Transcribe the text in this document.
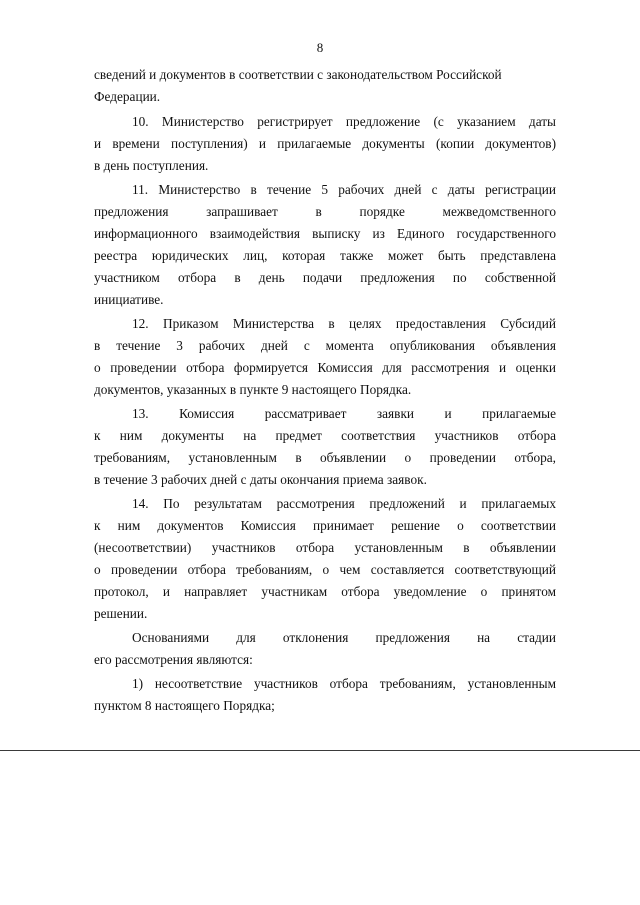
8
сведений и документов в соответствии с законодательством Российской
Федерации.
10. Министерство регистрирует предложение (с указанием даты
и времени поступления) и прилагаемые документы (копии документов)
в день поступления.
11. Министерство в течение 5 рабочих дней с даты регистрации
предложения запрашивает в порядке межведомственного
информационного взаимодействия выписку из Единого государственного
реестра юридических лиц, которая также может быть представлена
участником отбора в день подачи предложения по собственной
инициативе.
12. Приказом Министерства в целях предоставления Субсидий
в течение 3 рабочих дней с момента опубликования объявления
о проведении отбора формируется Комиссия для рассмотрения и оценки
документов, указанных в пункте 9 настоящего Порядка.
13. Комиссия рассматривает заявки и прилагаемые
к ним документы на предмет соответствия участников отбора
требованиям, установленным в объявлении о проведении отбора,
в течение 3 рабочих дней с даты окончания приема заявок.
14. По результатам рассмотрения предложений и прилагаемых
к ним документов Комиссия принимает решение о соответствии
(несоответствии) участников отбора установленным в объявлении
о проведении отбора требованиям, о чем составляется соответствующий
протокол, и направляет участникам отбора уведомление о принятом
решении.
Основаниями для отклонения предложения на стадии
его рассмотрения являются:
1) несоответствие участников отбора требованиям, установленным
пунктом 8 настоящего Порядка;
